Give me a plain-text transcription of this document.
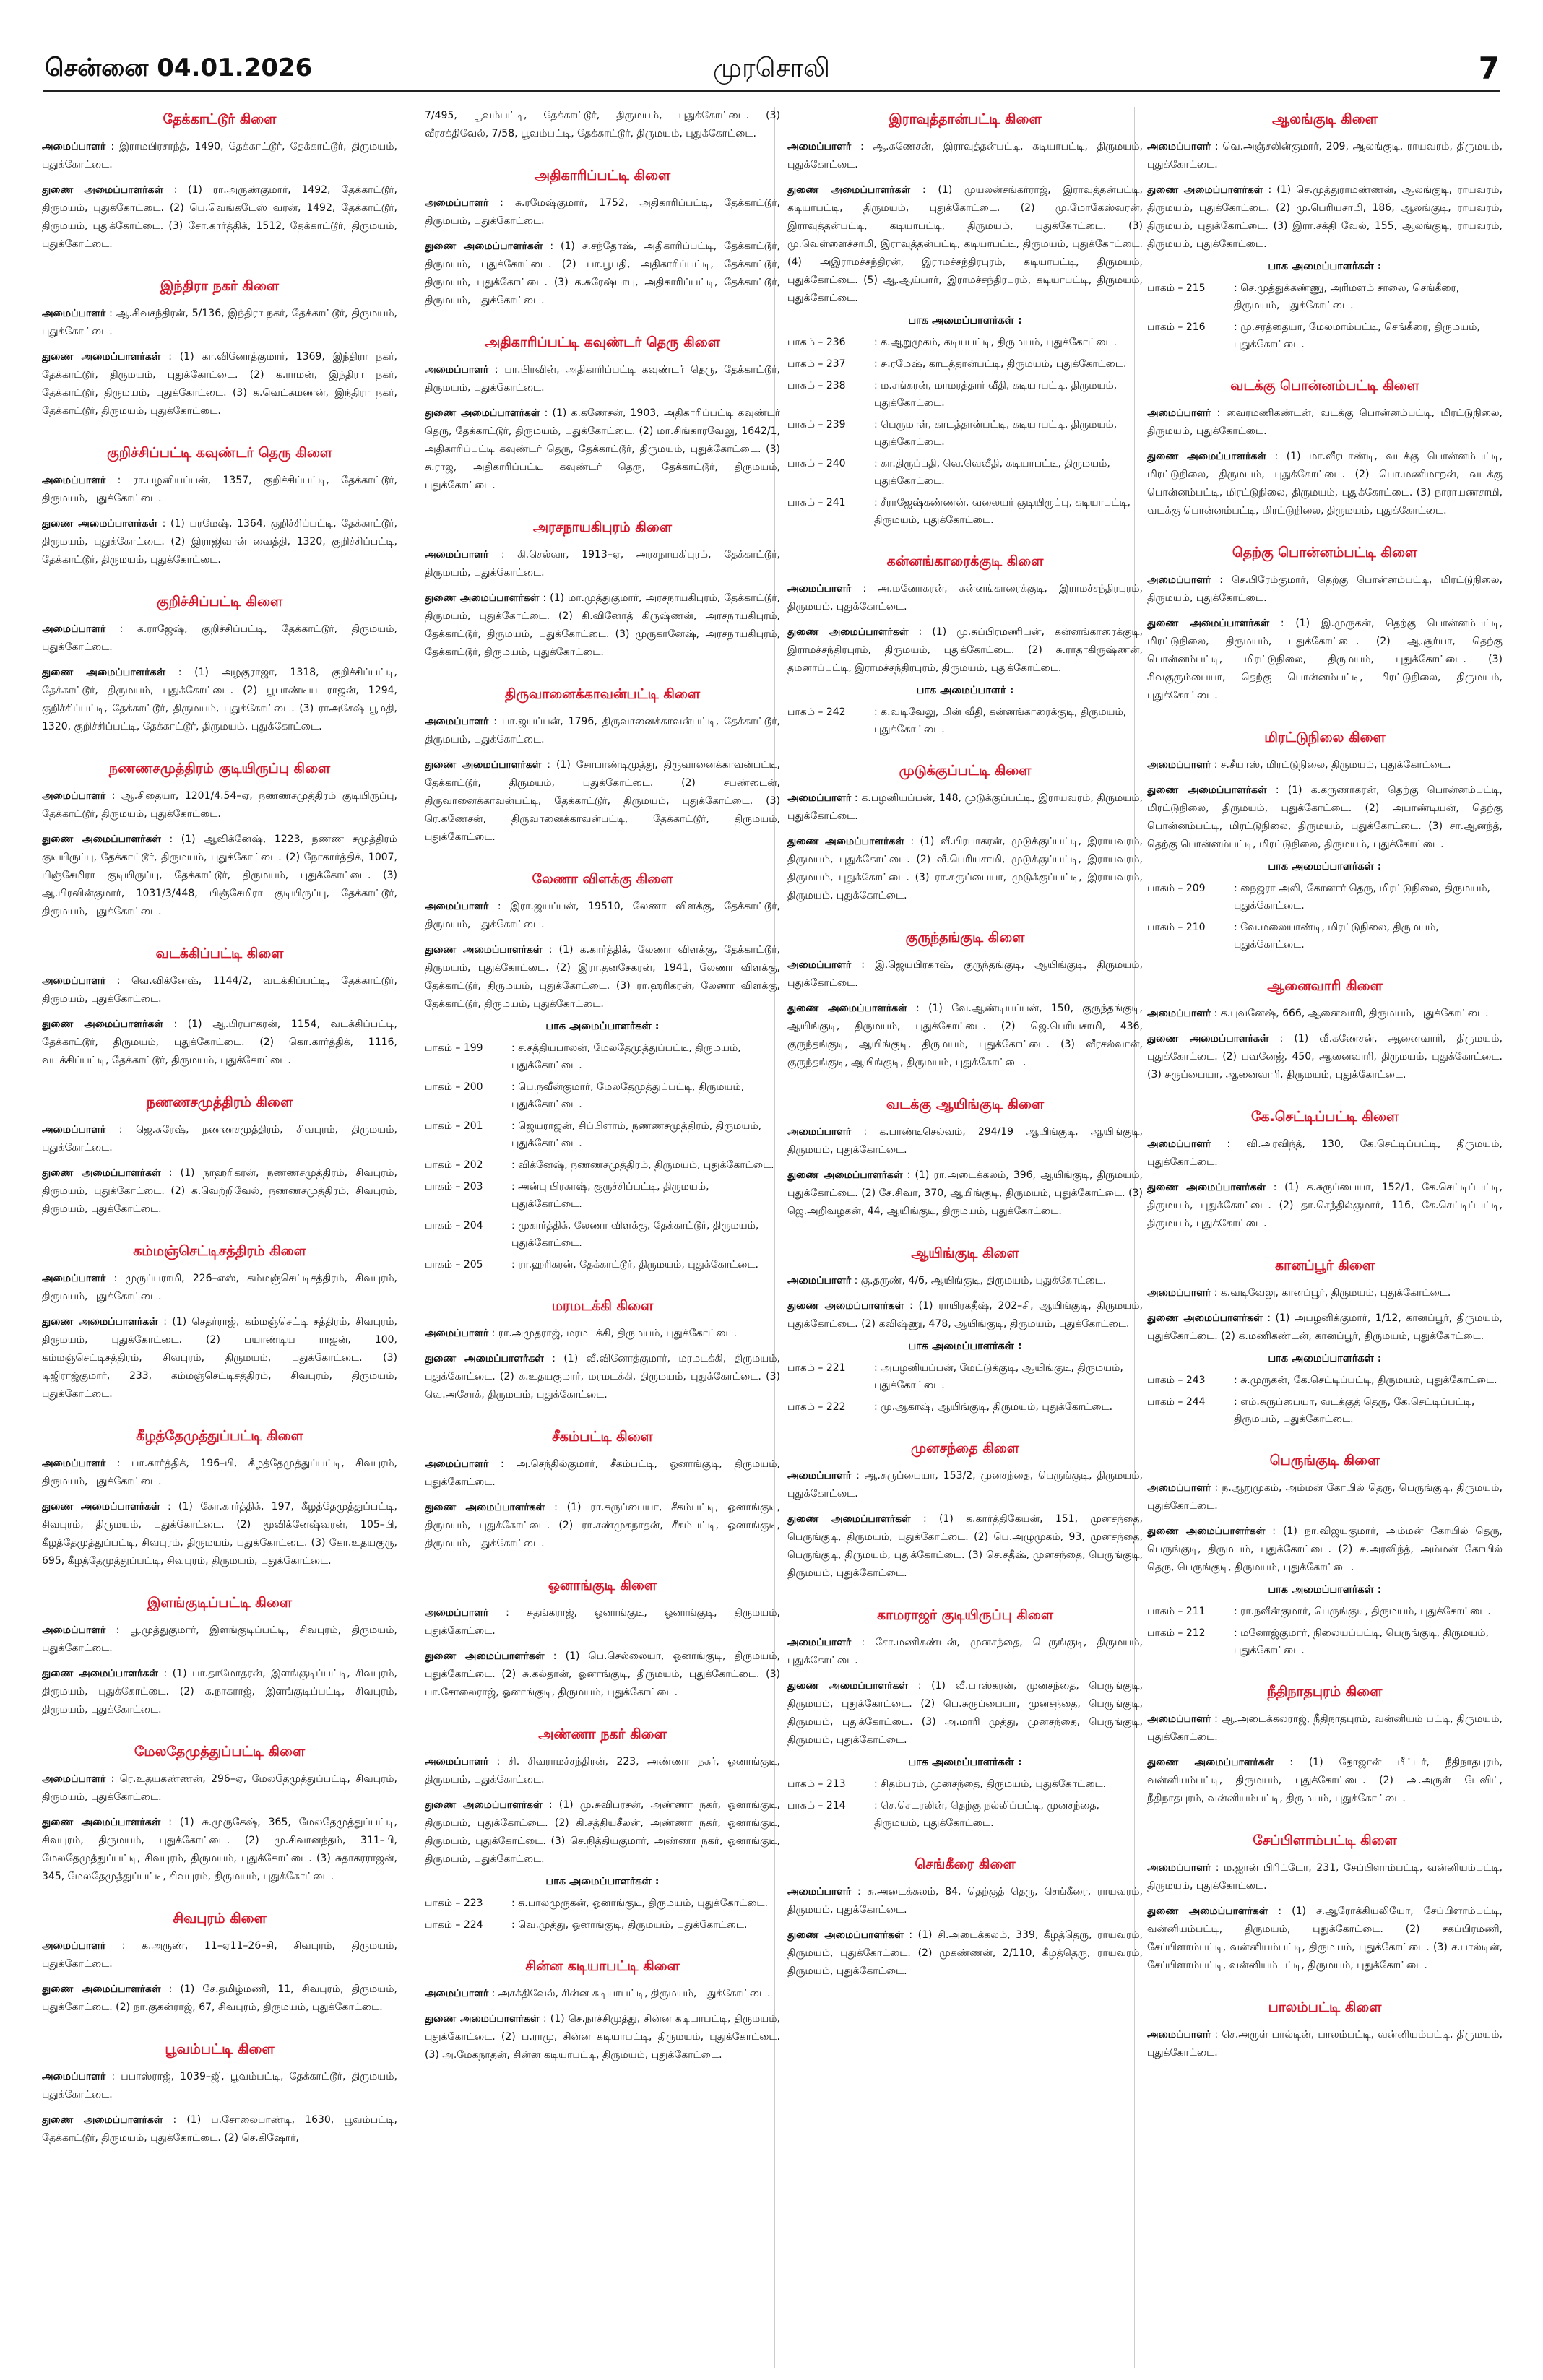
சென்னை 04.01.2026	முரசொலி	7
தேக்காட்டூர் கிளை
அமைப்பாளர் : இராமபிரசாந்த், 1490, தேக்காட்டூர், தேக்காட்டூர், திருமயம், புதுக்கோட்டை.
துணை அமைப்பாளர்கள் : (1) ரா.அருண்குமார், 1492, தேக்காட்டூர், திருமயம், புதுக்கோட்டை. (2) பெ.வெங்கடேஸ் வரன், 1492, தேக்காட்டூர், திருமயம், புதுக்கோட்டை. (3) சோ.கார்த்திக், 1512, தேக்காட்டூர், திருமயம், புதுக்கோட்டை.
இந்திரா நகர் கிளை
அமைப்பாளர் : ஆ.சிவசந்திரன், 5/136, இந்திரா நகர், தேக்காட்டூர், திருமயம், புதுக்கோட்டை.
துணை அமைப்பாளர்கள் : (1) கா.வினோத்குமார், 1369, இந்திரா நகர், தேக்காட்டூர், திருமயம், புதுக்கோட்டை. (2) க.ராமன், இந்திரா நகர், தேக்காட்டூர், திருமயம், புதுக்கோட்டை. (3) க.வெட்கமணன், இந்திரா நகர், தேக்காட்டூர், திருமயம், புதுக்கோட்டை.
குறிச்சிப்பட்டி கவுண்டர் தெரு கிளை
அமைப்பாளர் : ரா.பழனியப்பன், 1357, குறிச்சிப்பட்டி, தேக்காட்டூர், திருமயம், புதுக்கோட்டை.
துணை அமைப்பாளர்கள் : (1) பரமேஷ், 1364, குறிச்சிப்பட்டி, தேக்காட்டூர், திருமயம், புதுக்கோட்டை. (2) இராஜிவான் வைத்தி, 1320, குறிச்சிப்பட்டி, தேக்காட்டூர், திருமயம், புதுக்கோட்டை.
குறிச்சிப்பட்டி கிளை
அமைப்பாளர் : க.ராஜேஷ், குறிச்சிப்பட்டி, தேக்காட்டூர், திருமயம், புதுக்கோட்டை.
துணை அமைப்பாளர்கள் : (1) அழகுராஜா, 1318, குறிச்சிப்பட்டி, தேக்காட்டூர், திருமயம், புதுக்கோட்டை. (2) பூபாண்டிய ராஜன், 1294, குறிச்சிப்பட்டி, தேக்காட்டூர், திருமயம், புதுக்கோட்டை. (3) ராஅசேஷ் பூமதி, 1320, குறிச்சிப்பட்டி, தேக்காட்டூர், திருமயம், புதுக்கோட்டை.
நணணசமுத்திரம் குடியிருப்பு கிளை
அமைப்பாளர் : ஆ.சிதையா, 1201/4.54–ஏ, நணணசமுத்திரம் குடியிருப்பு, தேக்காட்டூர், திருமயம், புதுக்கோட்டை.
துணை அமைப்பாளர்கள் : (1) ஆவிக்னேஷ், 1223, நணண சமுத்திரம் குடியிருப்பு, தேக்காட்டூர், திருமயம், புதுக்கோட்டை. (2) நோகார்த்திக், 1007, பிஞ்சேமிரா குடியிருப்பு, தேக்காட்டூர், திருமயம், புதுக்கோட்டை. (3) ஆ.பிரவின்குமார், 1031/3/448, பிஞ்சேமிரா குடியிருப்பு, தேக்காட்டூர், திருமயம், புதுக்கோட்டை.
வடக்கிப்பட்டி கிளை
அமைப்பாளர் : வெ.விக்னேஷ், 1144/2, வடக்கிப்பட்டி, தேக்காட்டூர், திருமயம், புதுக்கோட்டை.
துணை அமைப்பாளர்கள் : (1) ஆ.பிரபாகரன், 1154, வடக்கிப்பட்டி, தேக்காட்டூர், திருமயம், புதுக்கோட்டை. (2) கொ.கார்த்திக், 1116, வடக்கிப்பட்டி, தேக்காட்டூர், திருமயம், புதுக்கோட்டை.
நணணசமுத்திரம் கிளை
அமைப்பாளர் : ஜெ.சுரேஷ், நணணசமுத்திரம், சிவபுரம், திருமயம், புதுக்கோட்டை.
துணை அமைப்பாளர்கள் : (1) நாஹரிகரன், நணணசமுத்திரம், சிவபுரம், திருமயம், புதுக்கோட்டை. (2) க.வெற்றிவேல், நணணசமுத்திரம், சிவபுரம், திருமயம், புதுக்கோட்டை.
கம்மஞ்செட்டிசத்திரம் கிளை
அமைப்பாளர் : முருப்பராமி, 226–எஸ், கம்மஞ்செட்டிசத்திரம், சிவபுரம், திருமயம், புதுக்கோட்டை.
துணை அமைப்பாளர்கள் : (1) செதர்ராஜ், கம்மஞ்செட்டி சத்திரம், சிவபுரம், திருமயம், புதுக்கோட்டை. (2) பயாண்டிய ராஜன், 100, கம்மஞ்செட்டிசத்திரம், சிவபுரம், திருமயம், புதுக்கோட்டை. (3) டிஜிராஜ்குமார், 233, கம்மஞ்செட்டிசத்திரம், சிவபுரம், திருமயம், புதுக்கோட்டை.
கீழத்தேமுத்துப்பட்டி கிளை
அமைப்பாளர் : பா.கார்த்திக், 196–பி, கீழத்தேமுத்துப்பட்டி, சிவபுரம், திருமயம், புதுக்கோட்டை.
துணை அமைப்பாளர்கள் : (1) கோ.கார்த்திக், 197, கீழத்தேமுத்துப்பட்டி, சிவபுரம், திருமயம், புதுக்கோட்டை. (2) மூவிக்னேஷ்வரன், 105–பி, கீழத்தேமுத்துப்பட்டி, சிவபுரம், திருமயம், புதுக்கோட்டை. (3) கோ.உதயகுரு, 695, கீழத்தேமுத்துப்பட்டி, சிவபுரம், திருமயம், புதுக்கோட்டை.
இளங்குடிப்பட்டி கிளை
அமைப்பாளர் : பூ.முத்துகுமார், இளங்குடிப்பட்டி, சிவபுரம், திருமயம், புதுக்கோட்டை.
துணை அமைப்பாளர்கள் : (1) பா.தாமோதரன், இளங்குடிப்பட்டி, சிவபுரம், திருமயம், புதுக்கோட்டை. (2) க.நாகராஜ், இளங்குடிப்பட்டி, சிவபுரம், திருமயம், புதுக்கோட்டை.
மேலதேமுத்துப்பட்டி கிளை
அமைப்பாளர் : ரெ.உதயகண்ணன், 296–ஏ, மேலதேமுத்துப்பட்டி, சிவபுரம், திருமயம், புதுக்கோட்டை.
துணை அமைப்பாளர்கள் : (1) சு.முருகேஷ், 365, மேலதேமுத்துப்பட்டி, சிவபுரம், திருமயம், புதுக்கோட்டை. (2) மு.சிவானந்தம், 311–பி, மேலதேமுத்துப்பட்டி, சிவபுரம், திருமயம், புதுக்கோட்டை. (3) சுதாகரராஜன், 345, மேலதேமுத்துப்பட்டி, சிவபுரம், திருமயம், புதுக்கோட்டை.
சிவபுரம் கிளை
அமைப்பாளர் : க.அருண், 11–ஏ11–26–சி, சிவபுரம், திருமயம், புதுக்கோட்டை.
துணை அமைப்பாளர்கள் : (1) சே.தமிழ்மணி, 11, சிவபுரம், திருமயம், புதுக்கோட்டை. (2) நா.குகன்ராஜ், 67, சிவபுரம், திருமயம், புதுக்கோட்டை.
பூவம்பட்டி கிளை
அமைப்பாளர் : பபாஸ்ராஜ், 1039–ஜி, பூவம்பட்டி, தேக்காட்டூர், திருமயம், புதுக்கோட்டை.
துணை அமைப்பாளர்கள் : (1) ப.சோலைபாண்டி, 1630, பூவம்பட்டி, தேக்காட்டூர், திருமயம், புதுக்கோட்டை. (2) செ.கிஷோர்,
7/495, பூவம்பட்டி, தேக்காட்டூர், திருமயம், புதுக்கோட்டை. (3) வீரசக்திவேல், 7/58, பூவம்பட்டி, தேக்காட்டூர், திருமயம், புதுக்கோட்டை.
அதிகாரிப்பட்டி கிளை
அமைப்பாளர் : சு.ரமேஷ்குமார், 1752, அதிகாரிப்பட்டி, தேக்காட்டூர், திருமயம், புதுக்கோட்டை.
துணை அமைப்பாளர்கள் : (1) ச.சந்தோஷ், அதிகாரிப்பட்டி, தேக்காட்டூர், திருமயம், புதுக்கோட்டை. (2) பா.பூபதி, அதிகாரிப்பட்டி, தேக்காட்டூர், திருமயம், புதுக்கோட்டை. (3) க.சுரேஷ்பாபு, அதிகாரிப்பட்டி, தேக்காட்டூர், திருமயம், புதுக்கோட்டை.
அதிகாரிப்பட்டி கவுண்டர் தெரு கிளை
அமைப்பாளர் : பா.பிரவின், அதிகாரிப்பட்டி கவுண்டர் தெரு, தேக்காட்டூர், திருமயம், புதுக்கோட்டை.
துணை அமைப்பாளர்கள் : (1) க.கணேசன், 1903, அதிகாரிப்பட்டி கவுண்டர் தெரு, தேக்காட்டூர், திருமயம், புதுக்கோட்டை. (2) மா.சிங்காரவேலு, 1642/1, அதிகாரிப்பட்டி கவுண்டர் தெரு, தேக்காட்டூர், திருமயம், புதுக்கோட்டை. (3) சு.ராஜ, அதிகாரிப்பட்டி கவுண்டர் தெரு, தேக்காட்டூர், திருமயம், புதுக்கோட்டை.
அரசநாயகிபுரம் கிளை
அமைப்பாளர் : கி.செல்வா, 1913–ஏ, அரசநாயகிபுரம், தேக்காட்டூர், திருமயம், புதுக்கோட்டை.
துணை அமைப்பாளர்கள் : (1) மா.முத்துகுமார், அரசநாயகிபுரம், தேக்காட்டூர், திருமயம், புதுக்கோட்டை. (2) கி.வினோத் கிருஷ்ணன், அரசநாயகிபுரம், தேக்காட்டூர், திருமயம், புதுக்கோட்டை. (3) முருகானேஷ், அரசநாயகிபுரம், தேக்காட்டூர், திருமயம், புதுக்கோட்டை.
திருவானைக்காவன்பட்டி கிளை
அமைப்பாளர் : பா.ஜயப்பன், 1796, திருவானைக்காவன்பட்டி, தேக்காட்டூர், திருமயம், புதுக்கோட்டை.
துணை அமைப்பாளர்கள் : (1) சோபாண்டிமுத்து, திருவானைக்காவன்பட்டி, தேக்காட்டூர், திருமயம், புதுக்கோட்டை. (2) சபண்டைன், திருவானைக்காவன்பட்டி, தேக்காட்டூர், திருமயம், புதுக்கோட்டை. (3) ரெ.கணேசன், திருவானைக்காவன்பட்டி, தேக்காட்டூர், திருமயம், புதுக்கோட்டை.
லேணா விளக்கு கிளை
அமைப்பாளர் : இரா.ஜயப்பன், 19510, லேணா விளக்கு, தேக்காட்டூர், திருமயம், புதுக்கோட்டை.
துணை அமைப்பாளர்கள் : (1) க.கார்த்திக், லேணா விளக்கு, தேக்காட்டூர், திருமயம், புதுக்கோட்டை. (2) இரா.தனசேகரன், 1941, லேணா விளக்கு, தேக்காட்டூர், திருமயம், புதுக்கோட்டை. (3) ரா.ஹரிகரன், லேணா விளக்கு, தேக்காட்டூர், திருமயம், புதுக்கோட்டை.
பாக அமைப்பாளர்கள் :
பாகம் – 199	: ச.சத்தியபாலன், மேலதேமுத்துப்பட்டி, திருமயம், புதுக்கோட்டை.
பாகம் – 200	: பெ.நவீன்குமார், மேலதேமுத்துப்பட்டி, திருமயம், புதுக்கோட்டை.
பாகம் – 201	: ஜெயராஜன், சிப்பிளாம், நணணசமுத்திரம், திருமயம், புதுக்கோட்டை.
பாகம் – 202	: விக்னேஷ், நணணசமுத்திரம், திருமயம், புதுக்கோட்டை.
பாகம் – 203	: அன்பு பிரகாஷ், குருச்சிப்பட்டி, திருமயம், புதுக்கோட்டை.
பாகம் – 204	: முகார்த்திக், லேணா விளக்கு, தேக்காட்டூர், திருமயம், புதுக்கோட்டை.
பாகம் – 205	: ரா.ஹரிகரன், தேக்காட்டூர், திருமயம், புதுக்கோட்டை.
மரமடக்கி கிளை
அமைப்பாளர் : ரா.அமுதராஜ், மரமடக்கி, திருமயம், புதுக்கோட்டை.
துணை அமைப்பாளர்கள் : (1) வீ.வினோத்குமார், மரமடக்கி, திருமயம், புதுக்கோட்டை. (2) க.உதயகுமார், மரமடக்கி, திருமயம், புதுக்கோட்டை. (3) வெ.அசோக், திருமயம், புதுக்கோட்டை.
சீகம்பட்டி கிளை
அமைப்பாளர் : அ.செந்தில்குமார், சீகம்பட்டி, ஓனாங்குடி, திருமயம், புதுக்கோட்டை.
துணை அமைப்பாளர்கள் : (1) ரா.சுருப்பையா, சீகம்பட்டி, ஓனாங்குடி, திருமயம், புதுக்கோட்டை. (2) ரா.சண்முகநாதன், சீகம்பட்டி, ஓனாங்குடி, திருமயம், புதுக்கோட்டை.
ஓனாங்குடி கிளை
அமைப்பாளர் : சுதங்கராஜ், ஓனாங்குடி, ஓனாங்குடி, திருமயம், புதுக்கோட்டை.
துணை அமைப்பாளர்கள் : (1) பெ.செல்லையா, ஓனாங்குடி, திருமயம், புதுக்கோட்டை. (2) சு.கல்தான், ஓனாங்குடி, திருமயம், புதுக்கோட்டை. (3) பா.சோலைராஜ், ஓனாங்குடி, திருமயம், புதுக்கோட்டை.
அண்ணா நகர் கிளை
அமைப்பாளர் : சி. சிவராமச்சந்திரன், 223, அண்ணா நகர், ஓனாங்குடி, திருமயம், புதுக்கோட்டை.
துணை அமைப்பாளர்கள் : (1) மு.சுவிபரசன், அண்ணா நகர், ஓனாங்குடி, திருமயம், புதுக்கோட்டை. (2) கி.சத்தியசீலன், அண்ணா நகர், ஓனாங்குடி, திருமயம், புதுக்கோட்டை. (3) செ.நித்தியகுமார், அண்ணா நகர், ஓனாங்குடி, திருமயம், புதுக்கோட்டை.
பாக அமைப்பாளர்கள் :
பாகம் – 223	: சு.பாலமுருகன், ஓனாங்குடி, திருமயம், புதுக்கோட்டை.
பாகம் – 224	: வெ.முத்து, ஓனாங்குடி, திருமயம், புதுக்கோட்டை.
சின்ன கடியாபட்டி கிளை
அமைப்பாளர் : அசக்திவேல், சின்ன கடியாபட்டி, திருமயம், புதுக்கோட்டை.
துணை அமைப்பாளர்கள் : (1) செ.நாச்சிமுத்து, சின்ன கடியாபட்டி, திருமயம், புதுக்கோட்டை. (2) ப.ராமு, சின்ன கடியாபட்டி, திருமயம், புதுக்கோட்டை. (3) அ.மேகநாதன், சின்ன கடியாபட்டி, திருமயம், புதுக்கோட்டை.
இராவுத்தான்பட்டி கிளை
அமைப்பாளர் : ஆ.கணேசன், இராவுத்தன்பட்டி, கடியாபட்டி, திருமயம், புதுக்கோட்டை.
துணை அமைப்பாளர்கள் : (1) முயலன்சங்கர்ராஜ், இராவுத்தன்பட்டி, கடியாபட்டி, திருமயம், புதுக்கோட்டை. (2) மு.மோகேஸ்வரன், இராவுத்தன்பட்டி, கடியாபட்டி, திருமயம், புதுக்கோட்டை. (3) மு.வெள்ளைச்சாமி, இராவுத்தன்பட்டி, கடியாபட்டி, திருமயம், புதுக்கோட்டை. (4) அஇராமச்சந்திரன், இராமச்சந்திரபுரம், கடியாபட்டி, திருமயம், புதுக்கோட்டை. (5) ஆ.ஆய்பார், இராமச்சந்திரபுரம், கடியாபட்டி, திருமயம், புதுக்கோட்டை.
பாக அமைப்பாளர்கள் :
பாகம் – 236	: க.ஆறுமுகம், கடியபட்டி, திருமயம், புதுக்கோட்டை.
பாகம் – 237	: சு.ரமேஷ், காடத்தான்பட்டி, திருமயம், புதுக்கோட்டை.
பாகம் – 238	: ம.சங்கரன், மாமரத்தார் வீதி, கடியாபட்டி, திருமயம், புதுக்கோட்டை.
பாகம் – 239	: பெருமாள், காடத்தான்பட்டி, கடியாபட்டி, திருமயம், புதுக்கோட்டை.
பாகம் – 240	: கா.திருப்பதி, வெ.வெவீதி, கடியாபட்டி, திருமயம், புதுக்கோட்டை.
பாகம் – 241	: சீராஜேஷ்கண்ணன், வலையர் குடியிருப்பு, கடியாபட்டி, திருமயம், புதுக்கோட்டை.
கன்னங்காரைக்குடி கிளை
அமைப்பாளர் : அ.மனோகரன், கன்னங்காரைக்குடி, இராமச்சந்திரபுரம், திருமயம், புதுக்கோட்டை.
துணை அமைப்பாளர்கள் : (1) மு.சுப்பிரமணியன், கன்னங்காரைக்குடி, இராமச்சந்திரபுரம், திருமயம், புதுக்கோட்டை. (2) சு.ராதாகிருஷ்ணன், தமனாப்பட்டி, இராமச்சந்திரபுரம், திருமயம், புதுக்கோட்டை.
பாக அமைப்பாளர் :
பாகம் – 242	: க.வடிவேலு, மின் வீதி, கன்னங்காரைக்குடி, திருமயம், புதுக்கோட்டை.
முடுக்குப்பட்டி கிளை
அமைப்பாளர் : க.பழனியப்பன், 148, முடுக்குப்பட்டி, இராயவரம், திருமயம், புதுக்கோட்டை.
துணை அமைப்பாளர்கள் : (1) வீ.பிரபாகரன், முடுக்குப்பட்டி, இராயவரம், திருமயம், புதுக்கோட்டை. (2) வீ.பெரியசாமி, முடுக்குப்பட்டி, இராயவரம், திருமயம், புதுக்கோட்டை. (3) ரா.சுருப்பையா, முடுக்குப்பட்டி, இராயவரம், திருமயம், புதுக்கோட்டை.
குருந்தங்குடி கிளை
அமைப்பாளர் : இ.ஜெயபிரகாஷ், குருந்தங்குடி, ஆயிங்குடி, திருமயம், புதுக்கோட்டை.
துணை அமைப்பாளர்கள் : (1) வே.ஆண்டியப்பன், 150, குருந்தங்குடி, ஆயிங்குடி, திருமயம், புதுக்கோட்டை. (2) ஜெ.பெரியசாமி, 436, குருந்தங்குடி, ஆயிங்குடி, திருமயம், புதுக்கோட்டை. (3) வீரசல்வான், குருந்தங்குடி, ஆயிங்குடி, திருமயம், புதுக்கோட்டை.
வடக்கு ஆயிங்குடி கிளை
அமைப்பாளர் : க.பாண்டிசெல்வம், 294/19 ஆயிங்குடி, ஆயிங்குடி, திருமயம், புதுக்கோட்டை.
துணை அமைப்பாளர்கள் : (1) ரா.அடைக்கலம், 396, ஆயிங்குடி, திருமயம், புதுக்கோட்டை. (2) சே.சிவா, 370, ஆயிங்குடி, திருமயம், புதுக்கோட்டை. (3) ஜெ.அறிவழகன், 44, ஆயிங்குடி, திருமயம், புதுக்கோட்டை.
ஆயிங்குடி கிளை
அமைப்பாளர் : கு.தருண், 4/6, ஆயிங்குடி, திருமயம், புதுக்கோட்டை.
துணை அமைப்பாளர்கள் : (1) ராயிரகதீஷ், 202–சி, ஆயிங்குடி, திருமயம், புதுக்கோட்டை. (2) கவிஷ்ணு, 478, ஆயிங்குடி, திருமயம், புதுக்கோட்டை.
பாக அமைப்பாளர்கள் :
பாகம் – 221	: அபழனியப்பன், மேட்டுக்குடி, ஆயிங்குடி, திருமயம், புதுக்கோட்டை.
பாகம் – 222	: மு.ஆகாஷ், ஆயிங்குடி, திருமயம், புதுக்கோட்டை.
முனசந்தை கிளை
அமைப்பாளர் : ஆ.சுருப்பையா, 153/2, முனசந்தை, பெருங்குடி, திருமயம், புதுக்கோட்டை.
துணை அமைப்பாளர்கள் : (1) க.கார்த்திகேயன், 151, முனசந்தை, பெருங்குடி, திருமயம், புதுக்கோட்டை. (2) பெ.அழுமுகம், 93, முனசந்தை, பெருங்குடி, திருமயம், புதுக்கோட்டை. (3) செ.சதீஷ், முனசந்தை, பெருங்குடி, திருமயம், புதுக்கோட்டை.
காமராஜர் குடியிருப்பு கிளை
அமைப்பாளர் : சோ.மணிகண்டன், முனசந்தை, பெருங்குடி, திருமயம், புதுக்கோட்டை.
துணை அமைப்பாளர்கள் : (1) வீ.பாஸ்கரன், முனசந்தை, பெருங்குடி, திருமயம், புதுக்கோட்டை. (2) பெ.சுருப்பையா, முனசந்தை, பெருங்குடி, திருமயம், புதுக்கோட்டை. (3) அ.மாரி முத்து, முனசந்தை, பெருங்குடி, திருமயம், புதுக்கோட்டை.
பாக அமைப்பாளர்கள் :
பாகம் – 213	: சிதம்பரம், முனசந்தை, திருமயம், புதுக்கோட்டை.
பாகம் – 214	: செ.செடரலின், தெற்கு நல்லிப்பட்டி, முனசந்தை, திருமயம், புதுக்கோட்டை.
செங்கீரை கிளை
அமைப்பாளர் : சு.அடைக்கலம், 84, தெற்குத் தெரு, செங்கீரை, ராயவரம், திருமயம், புதுக்கோட்டை.
துணை அமைப்பாளர்கள் : (1) சி.அடைக்கலம், 339, கீழத்தெரு, ராயவரம், திருமயம், புதுக்கோட்டை. (2) முகண்ணன், 2/110, கீழத்தெரு, ராயவரம், திருமயம், புதுக்கோட்டை.
ஆலங்குடி கிளை
அமைப்பாளர் : வெ.அஞ்சலின்குமார், 209, ஆலங்குடி, ராயவரம், திருமயம், புதுக்கோட்டை.
துணை அமைப்பாளர்கள் : (1) செ.முத்துராமண்ணன், ஆலங்குடி, ராயவரம், திருமயம், புதுக்கோட்டை. (2) மு.பெரியசாமி, 186, ஆலங்குடி, ராயவரம், திருமயம், புதுக்கோட்டை. (3) இரா.சக்தி வேல், 155, ஆலங்குடி, ராயவரம், திருமயம், புதுக்கோட்டை.
பாக அமைப்பாளர்கள் :
பாகம் – 215	: செ.முத்துக்கண்ணு, அரிமளம் சாலை, செங்கீரை, திருமயம், புதுக்கோட்டை.
பாகம் – 216	: மு.சரத்தையா, மேலமாம்பட்டி, செங்கீரை, திருமயம், புதுக்கோட்டை.
வடக்கு பொன்னம்பட்டி கிளை
அமைப்பாளர் : வைரமணிகண்டன், வடக்கு பொன்னம்பட்டி, மிரட்டுநிலை, திருமயம், புதுக்கோட்டை.
துணை அமைப்பாளர்கள் : (1) மா.வீரபாண்டி, வடக்கு பொன்னம்பட்டி, மிரட்டுநிலை, திருமயம், புதுக்கோட்டை. (2) பொ.மணிமாறன், வடக்கு பொன்னம்பட்டி, மிரட்டுநிலை, திருமயம், புதுக்கோட்டை. (3) நாராயணசாமி, வடக்கு பொன்னம்பட்டி, மிரட்டுநிலை, திருமயம், புதுக்கோட்டை.
தெற்கு பொன்னம்பட்டி கிளை
அமைப்பாளர் : செ.பிரேம்குமார், தெற்கு பொன்னம்பட்டி, மிரட்டுநிலை, திருமயம், புதுக்கோட்டை.
துணை அமைப்பாளர்கள் : (1) இ.முருகன், தெற்கு பொன்னம்பட்டி, மிரட்டுநிலை, திருமயம், புதுக்கோட்டை. (2) ஆ.சூர்யா, தெற்கு பொன்னம்பட்டி, மிரட்டுநிலை, திருமயம், புதுக்கோட்டை. (3) சிவகுரும்பையா, தெற்கு பொன்னம்பட்டி, மிரட்டுநிலை, திருமயம், புதுக்கோட்டை.
மிரட்டுநிலை கிளை
அமைப்பாளர் : ச.சீயாஸ், மிரட்டுநிலை, திருமயம், புதுக்கோட்டை.
துணை அமைப்பாளர்கள் : (1) க.கருணாகரன், தெற்கு பொன்னம்பட்டி, மிரட்டுநிலை, திருமயம், புதுக்கோட்டை. (2) அபாண்டியன், தெற்கு பொன்னம்பட்டி, மிரட்டுநிலை, திருமயம், புதுக்கோட்டை. (3) சா.ஆனந்த், தெற்கு பொன்னம்பட்டி, மிரட்டுநிலை, திருமயம், புதுக்கோட்டை.
பாக அமைப்பாளர்கள் :
பாகம் – 209	: நைஜரா அலி, கோனார் தெரு, மிரட்டுநிலை, திருமயம், புதுக்கோட்டை.
பாகம் – 210	: வே.மலையாண்டி, மிரட்டுநிலை, திருமயம், புதுக்கோட்டை.
ஆனைவாரி கிளை
அமைப்பாளர் : க.புவனேஷ், 666, ஆனைவாரி, திருமயம், புதுக்கோட்டை.
துணை அமைப்பாளர்கள் : (1) வீ.கணேசன், ஆனைவாரி, திருமயம், புதுக்கோட்டை. (2) பவனேஜ், 450, ஆனைவாரி, திருமயம், புதுக்கோட்டை. (3) சுருப்பையா, ஆனைவாரி, திருமயம், புதுக்கோட்டை.
கே.செட்டிப்பட்டி கிளை
அமைப்பாளர் : வி.அரவிந்த், 130, கே.செட்டிப்பட்டி, திருமயம், புதுக்கோட்டை.
துணை அமைப்பாளர்கள் : (1) க.சுருப்பையா, 152/1, கே.செட்டிப்பட்டி, திருமயம், புதுக்கோட்டை. (2) தா.செந்தில்குமார், 116, கே.செட்டிப்பட்டி, திருமயம், புதுக்கோட்டை.
கானப்பூர் கிளை
அமைப்பாளர் : க.வடிவேலு, கானப்பூர், திருமயம், புதுக்கோட்டை.
துணை அமைப்பாளர்கள் : (1) அபழனிக்குமார், 1/12, கானப்பூர், திருமயம், புதுக்கோட்டை. (2) க.மணிகண்டன், கானப்பூர், திருமயம், புதுக்கோட்டை.
பாக அமைப்பாளர்கள் :
பாகம் – 243	: சு.முருகன், கே.செட்டிப்பட்டி, திருமயம், புதுக்கோட்டை.
பாகம் – 244	: எம்.சுருப்பையா, வடக்குத் தெரு, கே.செட்டிப்பட்டி, திருமயம், புதுக்கோட்டை.
பெருங்குடி கிளை
அமைப்பாளர் : ந.ஆறுமுகம், அம்மன் கோயில் தெரு, பெருங்குடி, திருமயம், புதுக்கோட்டை.
துணை அமைப்பாளர்கள் : (1) நா.விஜயகுமார், அம்மன் கோயில் தெரு, பெருங்குடி, திருமயம், புதுக்கோட்டை. (2) சு.அரவிந்த், அம்மன் கோயில் தெரு, பெருங்குடி, திருமயம், புதுக்கோட்டை.
பாக அமைப்பாளர்கள் :
பாகம் – 211	: ரா.நவீன்குமார், பெருங்குடி, திருமயம், புதுக்கோட்டை.
பாகம் – 212	: மனோஜ்குமார், நிலையப்பட்டி, பெருங்குடி, திருமயம், புதுக்கோட்டை.
நீதிநாதபுரம் கிளை
அமைப்பாளர் : ஆ.அடைக்கலராஜ், நீதிநாதபுரம், வன்னியம் பட்டி, திருமயம், புதுக்கோட்டை.
துணை அமைப்பாளர்கள் : (1) தோஜான் பீட்டர், நீதிநாதபுரம், வன்னியம்பட்டி, திருமயம், புதுக்கோட்டை. (2) அ.அருள் டேவிட், நீதிநாதபுரம், வன்னியம்பட்டி, திருமயம், புதுக்கோட்டை.
சேப்பிளாம்பட்டி கிளை
அமைப்பாளர் : ம.ஜான் பிரிட்டோ, 231, சேப்பிளாம்பட்டி, வன்னியம்பட்டி, திருமயம், புதுக்கோட்டை.
துணை அமைப்பாளர்கள் : (1) ச.ஆரோக்கியலியோ, சேப்பிளாம்பட்டி, வன்னியம்பட்டி, திருமயம், புதுக்கோட்டை. (2) சகப்பிரமணி, சேப்பிளாம்பட்டி, வன்னியம்பட்டி, திருமயம், புதுக்கோட்டை. (3) ச.பால்டின், சேப்பிளாம்பட்டி, வன்னியம்பட்டி, திருமயம், புதுக்கோட்டை.
பாலம்பட்டி கிளை
அமைப்பாளர் : செ.அருள் பால்டின், பாலம்பட்டி, வன்னியம்பட்டி, திருமயம், புதுக்கோட்டை.
